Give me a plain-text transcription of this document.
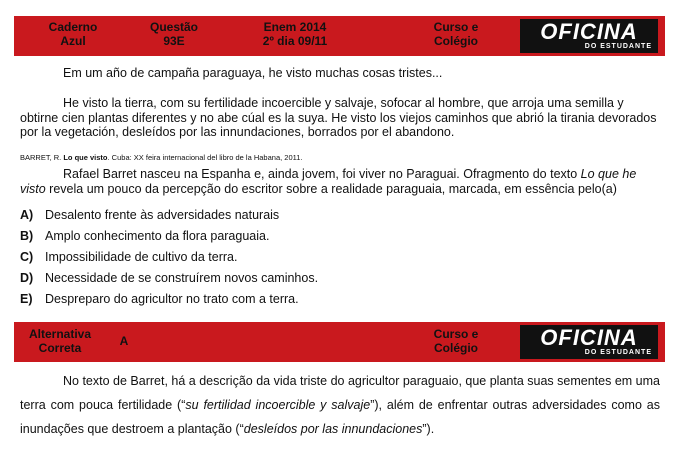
Caderno
Azul
Questão
93E
Enem 2014
2º dia 09/11
Curso e
Colégio	OFICINA
DO ESTUDANTE
Em um año de campaña paraguaya, he visto muchas cosas tristes...
He visto la tierra, com su fertilidade incoercible y salvaje, sofocar al hombre, que arroja uma semilla y obtirne cien plantas diferentes y no abe cúal es la suya. He visto los viejos caminhos que abrió la tirania devorados por la vegetación, desleídos por las innundaciones, borrados por el abandono.
BARRET, R. Lo que visto. Cuba: XX feira internacional del libro de la Habana, 2011.
Rafael Barret nasceu na Espanha e, ainda jovem, foi viver no Paraguai. Ofragmento do texto Lo que he visto revela um pouco da percepção do escritor sobre a realidade paraguaia, marcada, em essência pelo(a)
A) Desalento frente às adversidades naturais
B) Amplo conhecimento da flora paraguaia.
C) Impossibilidade de cultivo da terra.
D) Necessidade de se construírem novos caminhos.
E) Despreparo do agricultor no trato com a terra.
Alternativa
Correta	A	Curso e
Colégio	OFICINA
DO ESTUDANTE
No texto de Barret, há a descrição da vida triste do agricultor paraguaio, que planta suas sementes em uma terra com pouca fertilidade (“su fertilidad incoercible y salvaje”), além de enfrentar outras adversidades como as inundações que destroem a plantação (“desleídos por las innundaciones”).
